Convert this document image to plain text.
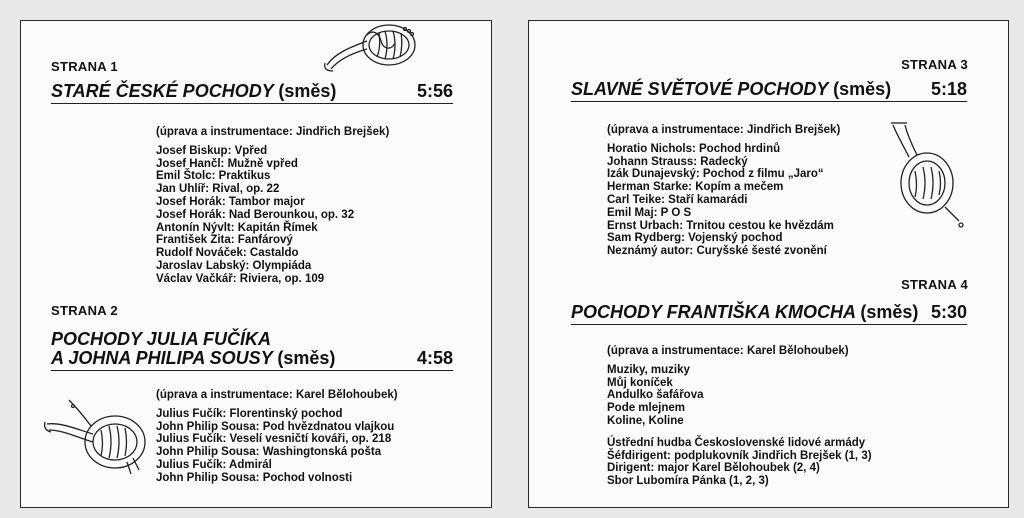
STRANA 1
STARÉ ČESKÉ POCHODY (směs)	5:56
(úprava a instrumentace: Jindřich Brejšek)
Josef Biskup: Vpřed
Josef Hančl: Mužně vpřed
Emil Štolc: Praktikus
Jan Uhlíř: Rival, op. 22
Josef Horák: Tambor major
Josef Horák: Nad Berounkou, op. 32
Antonín Nývlt: Kapitán Římek
František Zita: Fanfárový
Rudolf Nováček: Castaldo
Jaroslav Labský: Olympiáda
Václav Vačkář: Riviera, op. 109
STRANA 2
POCHODY JULIA FUČÍKA
A JOHNA PHILIPA SOUSY (směs)	4:58
(úprava a instrumentace: Karel Bělohoubek)
Julius Fučík: Florentinský pochod
John Philip Sousa: Pod hvězdnatou vlajkou
Julius Fučík: Veselí vesničtí kováři, op. 218
John Philip Sousa: Washingtonská pošta
Julius Fučík: Admirál
John Philip Sousa: Pochod volnosti
STRANA 3
SLAVNÉ SVĚTOVÉ POCHODY (směs) 5:18
(úprava a instrumentace: Jindřich Brejšek)
Horatio Nichols: Pochod hrdinů
Johann Strauss: Radecký
Izák Dunajevský: Pochod z filmu „Jaro“
Herman Starke: Kopím a mečem
Carl Teike: Staří kamarádi
Emil Maj: P O S
Ernst Urbach: Trnitou cestou ke hvězdám
Sam Rydberg: Vojenský pochod
Neznámý autor: Curyšské šesté zvonění
STRANA 4
POCHODY FRANTIŠKA KMOCHA (směs) 5:30
(úprava a instrumentace: Karel Bělohoubek)
Muziky, muziky
Můj koníček
Andulko šafářova
Pode mlejnem
Koline, Koline
Ústřední hudba Československé lidové armády
Šéfdirigent: podplukovník Jindřich Brejšek (1, 3)
Dirigent: major Karel Bělohoubek (2, 4)
Sbor Lubomíra Pánka (1, 2, 3)
